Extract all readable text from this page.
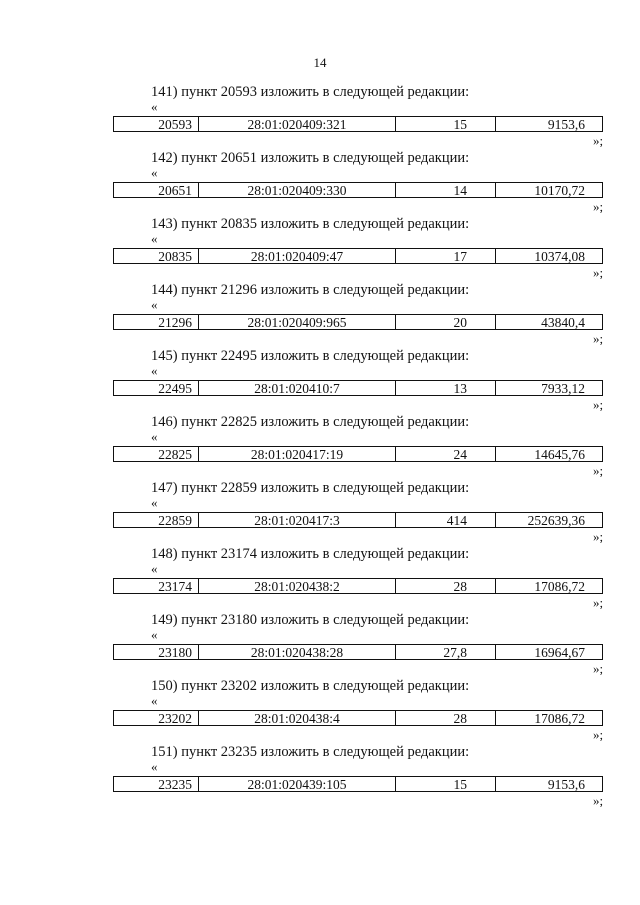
14
141) пункт 20593 изложить в следующей редакции:
«
20593	28:01:020409:321	15	9153,6
»;
142) пункт 20651 изложить в следующей редакции:
«
20651	28:01:020409:330	14	10170,72
»;
143) пункт 20835 изложить в следующей редакции:
«
20835	28:01:020409:47	17	10374,08
»;
144) пункт 21296 изложить в следующей редакции:
«
21296	28:01:020409:965	20	43840,4
»;
145) пункт 22495 изложить в следующей редакции:
«
22495	28:01:020410:7	13	7933,12
»;
146) пункт 22825 изложить в следующей редакции:
«
22825	28:01:020417:19	24	14645,76
»;
147) пункт 22859 изложить в следующей редакции:
«
22859	28:01:020417:3	414	252639,36
»;
148) пункт 23174 изложить в следующей редакции:
«
23174	28:01:020438:2	28	17086,72
»;
149) пункт 23180 изложить в следующей редакции:
«
23180	28:01:020438:28	27,8	16964,67
»;
150) пункт 23202 изложить в следующей редакции:
«
23202	28:01:020438:4	28	17086,72
»;
151) пункт 23235 изложить в следующей редакции:
«
23235	28:01:020439:105	15	9153,6
»;
